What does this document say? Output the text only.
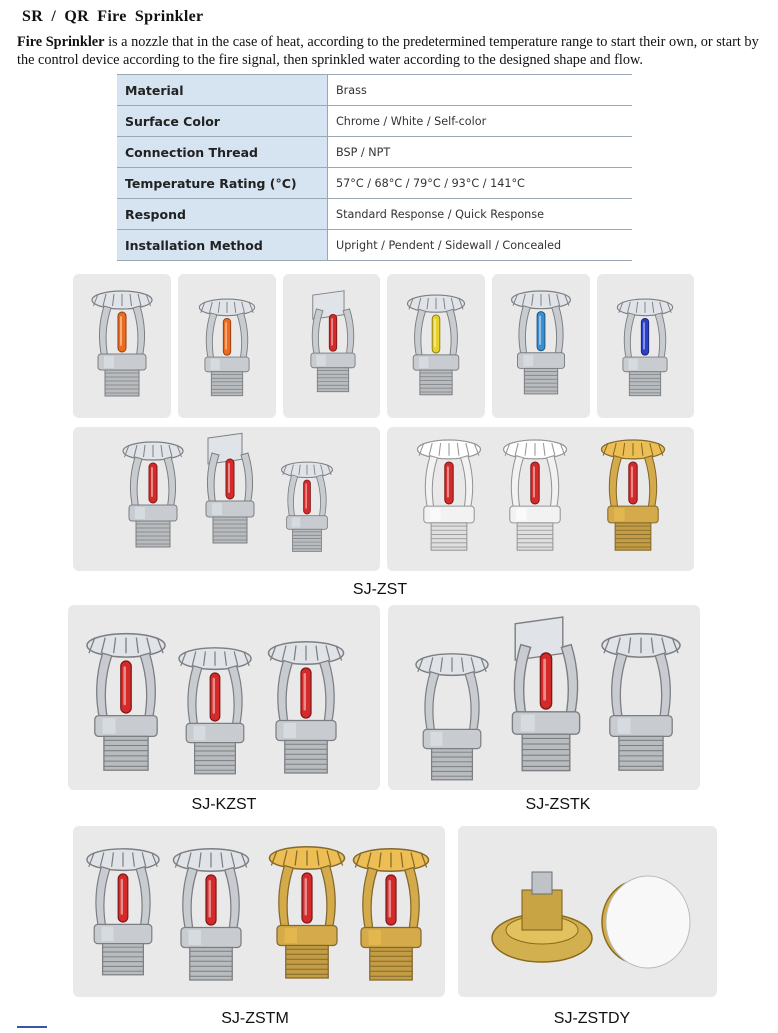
SR / QR Fire Sprinkler
Fire Sprinkler is a nozzle that in the case of heat, according to the predetermined temperature range to start their own, or start by the control device according to the fire signal, then sprinkled water according to the designed shape and flow.
Material	Brass
Surface Color	Chrome / White / Self-color
Connection Thread	BSP / NPT
Temperature Rating (°C)	57°C / 68°C / 79°C / 93°C / 141°C
Respond	Standard Response / Quick Response
Installation Method	Upright / Pendent / Sidewall / Concealed
SJ-ZST
SJ-KZST	SJ-ZSTK
SJ-ZSTM	SJ-ZSTDY
